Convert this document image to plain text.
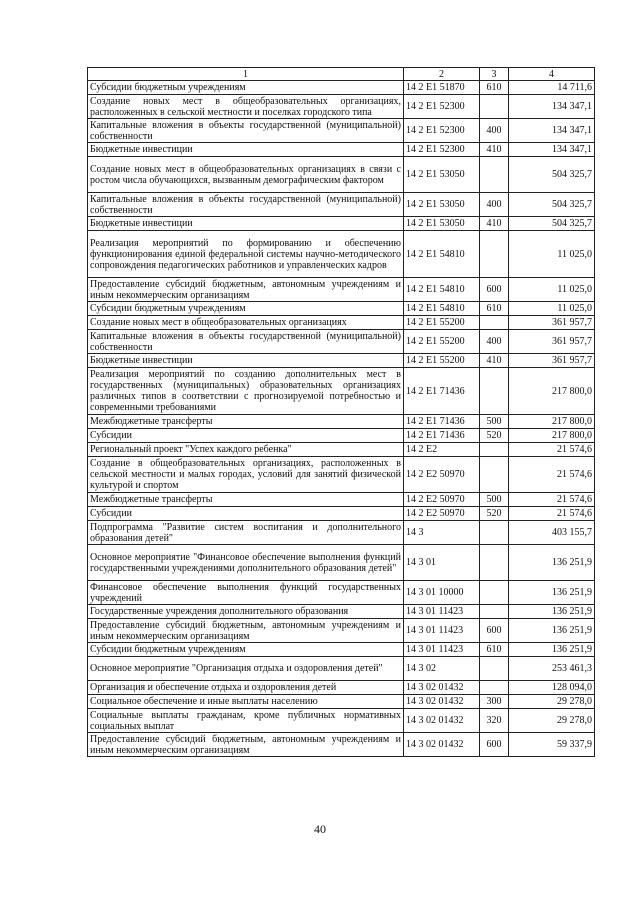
1	2	3	4
Субсидии бюджетным учреждениям	14 2 E1 51870	610	14 711,6
Создание новых мест в общеобразовательных организациях, расположенных в сельской местности и поселках городского типа	14 2 E1 52300		134 347,1
Капитальные вложения в объекты государственной (муниципальной) собственности	14 2 E1 52300	400	134 347,1
Бюджетные инвестиции	14 2 E1 52300	410	134 347,1
Создание новых мест в общеобразовательных организациях в связи с ростом числа обучающихся, вызванным демографическим фактором	14 2 E1 53050		504 325,7
Капитальные вложения в объекты государственной (муниципальной) собственности	14 2 E1 53050	400	504 325,7
Бюджетные инвестиции	14 2 E1 53050	410	504 325,7
Реализация мероприятий по формированию и обеспечению функционирования единой федеральной системы научно-методического сопровождения педагогических работников и управленческих кадров	14 2 E1 54810		11 025,0
Предоставление субсидий бюджетным, автономным учреждениям и иным некоммерческим организациям	14 2 E1 54810	600	11 025,0
Субсидии бюджетным учреждениям	14 2 E1 54810	610	11 025,0
Создание новых мест в общеобразовательных организациях	14 2 E1 55200		361 957,7
Капитальные вложения в объекты государственной (муниципальной) собственности	14 2 E1 55200	400	361 957,7
Бюджетные инвестиции	14 2 E1 55200	410	361 957,7
Реализация мероприятий по созданию дополнительных мест в государственных (муниципальных) образовательных организациях различных типов в соответствии с прогнозируемой потребностью и современными требованиями	14 2 E1 71436		217 800,0
Межбюджетные трансферты	14 2 E1 71436	500	217 800,0
Субсидии	14 2 E1 71436	520	217 800,0
Региональный проект "Успех каждого ребенка"	14 2 E2		21 574,6
Создание в общеобразовательных организациях, расположенных в сельской местности и малых городах, условий для занятий физической культурой и спортом	14 2 E2 50970		21 574,6
Межбюджетные трансферты	14 2 E2 50970	500	21 574,6
Субсидии	14 2 E2 50970	520	21 574,6
Подпрограмма "Развитие систем воспитания и дополнительного образования детей"	14 3		403 155,7
Основное мероприятие "Финансовое обеспечение выполнения функций государственными учреждениями дополнительного образования детей"	14 3 01		136 251,9
Финансовое обеспечение выполнения функций государственных учреждений	14 3 01 10000		136 251,9
Государственные учреждения дополнительного образования	14 3 01 11423		136 251,9
Предоставление субсидий бюджетным, автономным учреждениям и иным некоммерческим организациям	14 3 01 11423	600	136 251,9
Субсидии бюджетным учреждениям	14 3 01 11423	610	136 251,9
Основное мероприятие "Организация отдыха и оздоровления детей"	14 3 02		253 461,3
Организация и обеспечение отдыха и оздоровления детей	14 3 02 01432		128 094,0
Социальное обеспечение и иные выплаты населению	14 3 02 01432	300	29 278,0
Социальные выплаты гражданам, кроме публичных нормативных социальных выплат	14 3 02 01432	320	29 278,0
Предоставление субсидий бюджетным, автономным учреждениям и иным некоммерческим организациям	14 3 02 01432	600	59 337,9
40
